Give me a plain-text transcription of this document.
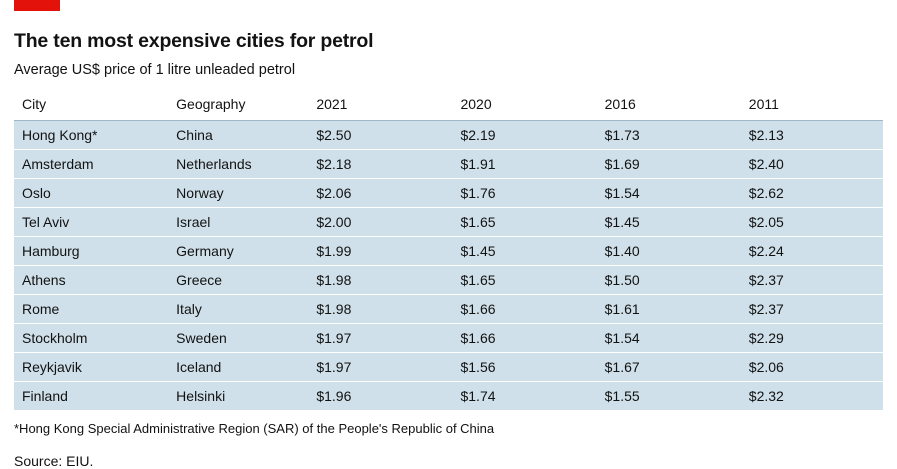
The ten most expensive cities for petrol

Average US$ price of 1 litre unleaded petrol

City	Geography	2021	2020	2016	2011
Hong Kong*	China	$2.50	$2.19	$1.73	$2.13
Amsterdam	Netherlands	$2.18	$1.91	$1.69	$2.40
Oslo	Norway	$2.06	$1.76	$1.54	$2.62
Tel Aviv	Israel	$2.00	$1.65	$1.45	$2.05
Hamburg	Germany	$1.99	$1.45	$1.40	$2.24
Athens	Greece	$1.98	$1.65	$1.50	$2.37
Rome	Italy	$1.98	$1.66	$1.61	$2.37
Stockholm	Sweden	$1.97	$1.66	$1.54	$2.29
Reykjavik	Iceland	$1.97	$1.56	$1.67	$2.06
Finland	Helsinki	$1.96	$1.74	$1.55	$2.32

*Hong Kong Special Administrative Region (SAR) of the People's Republic of China

Source: EIU.
